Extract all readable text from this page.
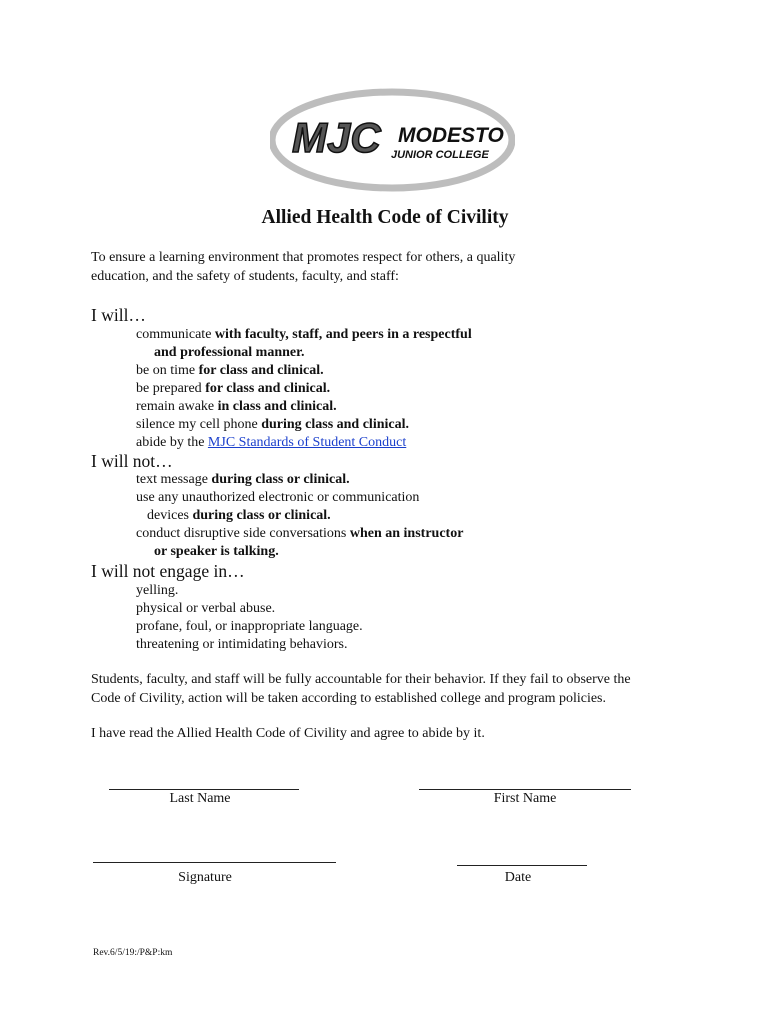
MJC MODESTO
JUNIOR COLLEGE
Allied Health Code of Civility
To ensure a learning environment that promotes respect for others, a quality
education, and the safety of students, faculty, and staff:
I will…
communicate with faculty, staff, and peers in a respectful
and professional manner.
be on time for class and clinical.
be prepared for class and clinical.
remain awake in class and clinical.
silence my cell phone during class and clinical.
abide by the MJC Standards of Student Conduct
I will not…
text message during class or clinical.
use any unauthorized electronic or communication
devices during class or clinical.
conduct disruptive side conversations when an instructor
or speaker is talking.
I will not engage in…
yelling.
physical or verbal abuse.
profane, foul, or inappropriate language.
threatening or intimidating behaviors.
Students, faculty, and staff will be fully accountable for their behavior. If they fail to observe the
Code of Civility, action will be taken according to established college and program policies.
I have read the Allied Health Code of Civility and agree to abide by it.
Last Name	First Name
Signature	Date
Rev.6/5/19:/P&P:km
